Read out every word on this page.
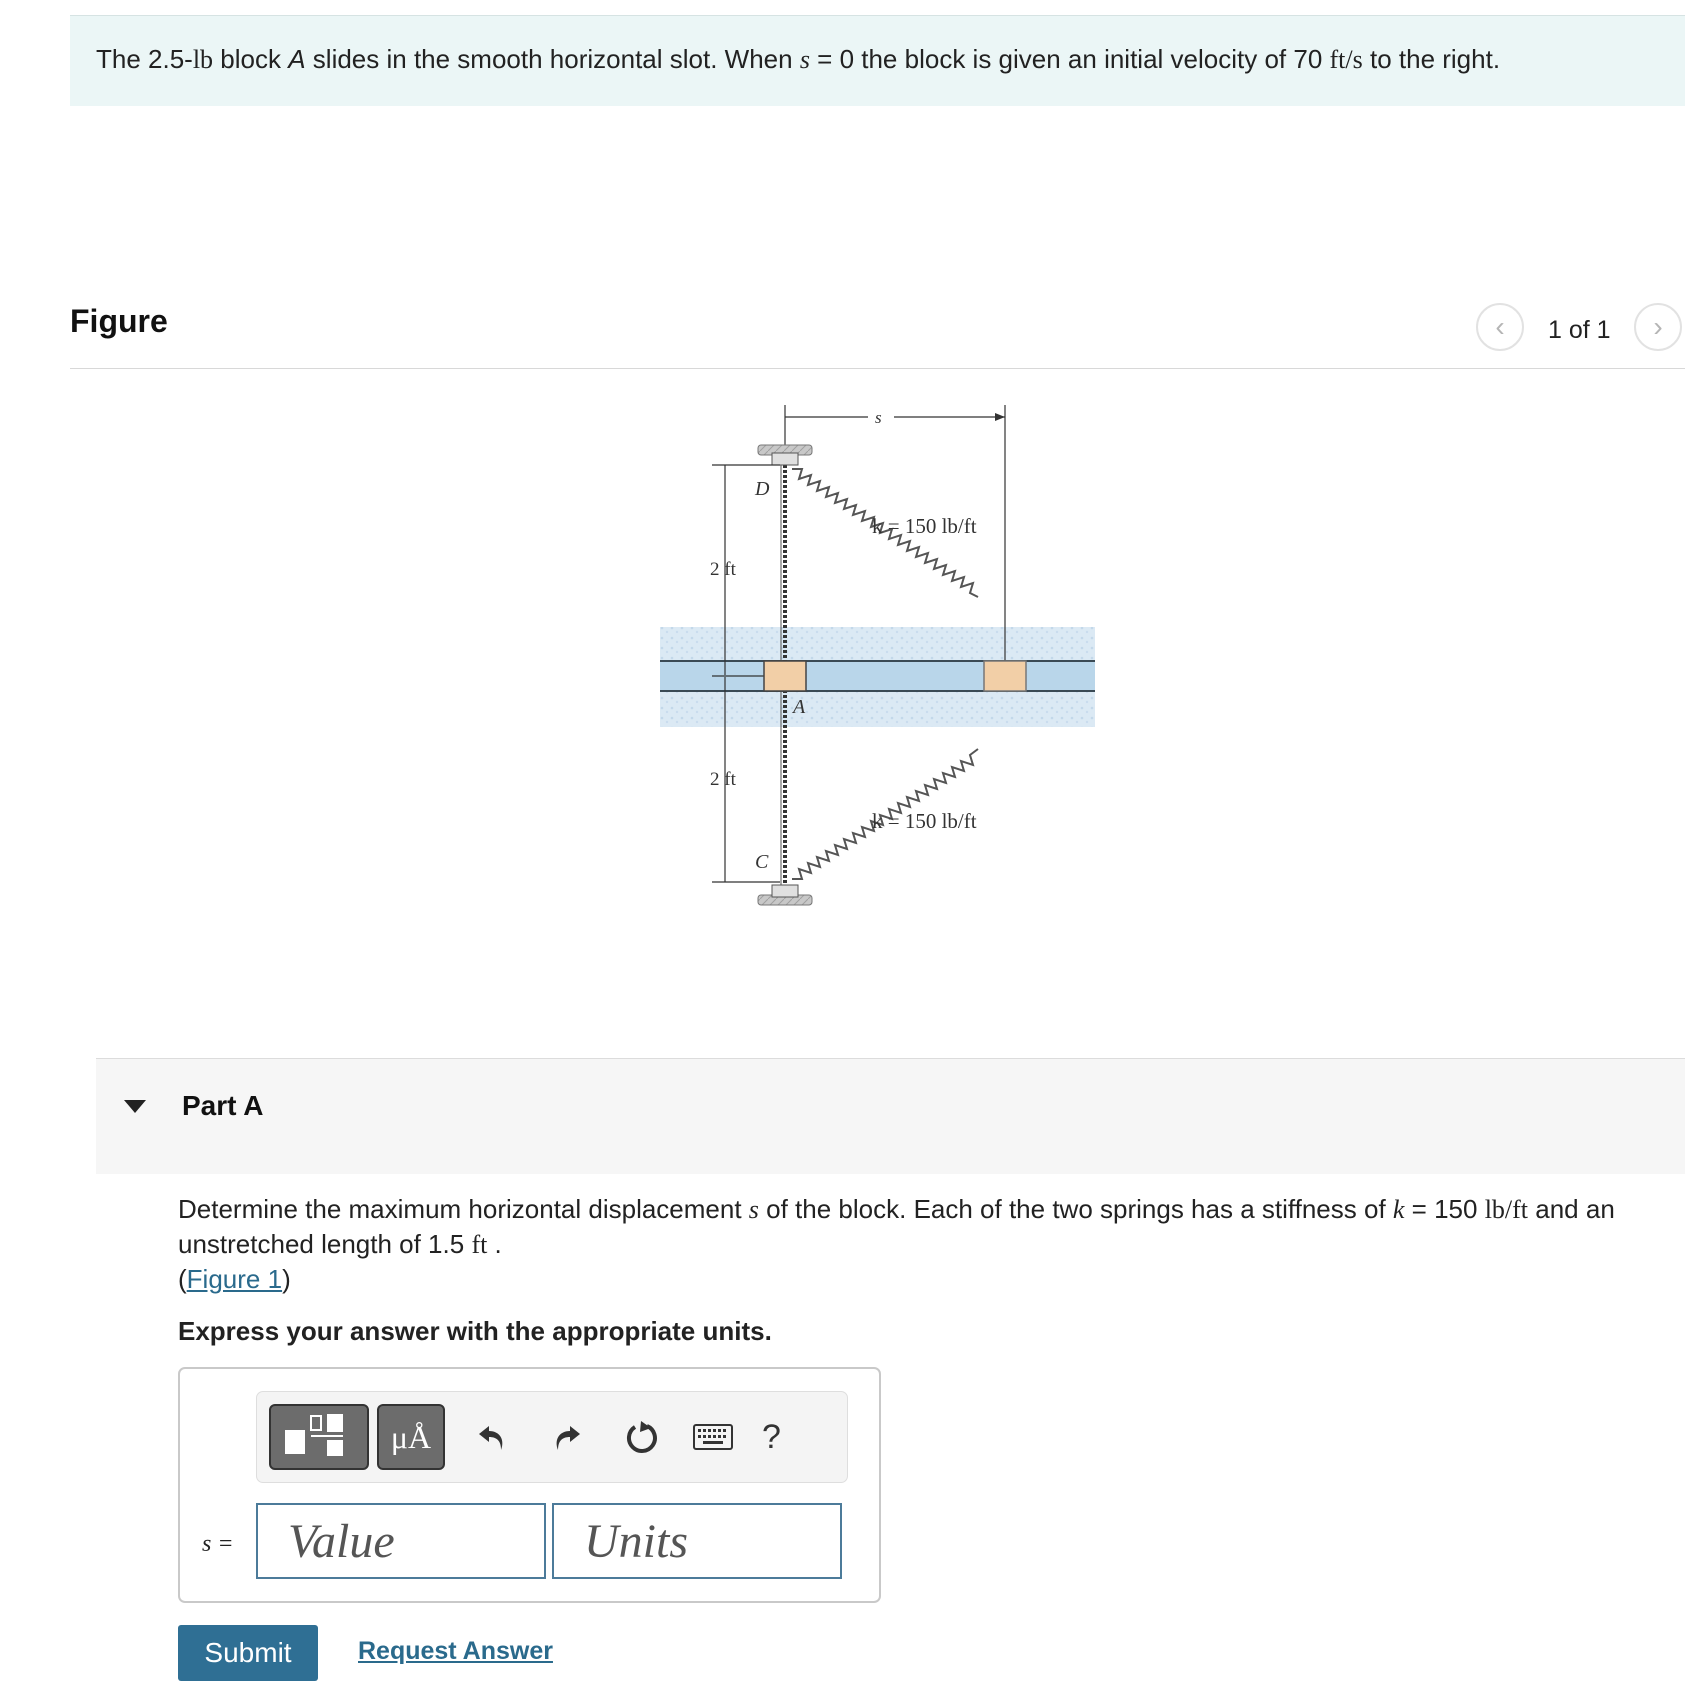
The 2.5-lb block A slides in the smooth horizontal slot. When s = 0 the block is given an initial velocity of 70 ft/s to the right.
Figure	‹ 1 of 1 ›
s
2 ft
2 ft
D
C
A
k = 150 lb/ft
k = 150 lb/ft
Part A
Determine the maximum horizontal displacement s of the block. Each of the two springs has a stiffness of k = 150 lb/ft and an unstretched length of 1.5 ft .
(Figure 1)
Express your answer with the appropriate units.
μÅ	?
s =
Value
Units
Submit	Request Answer
